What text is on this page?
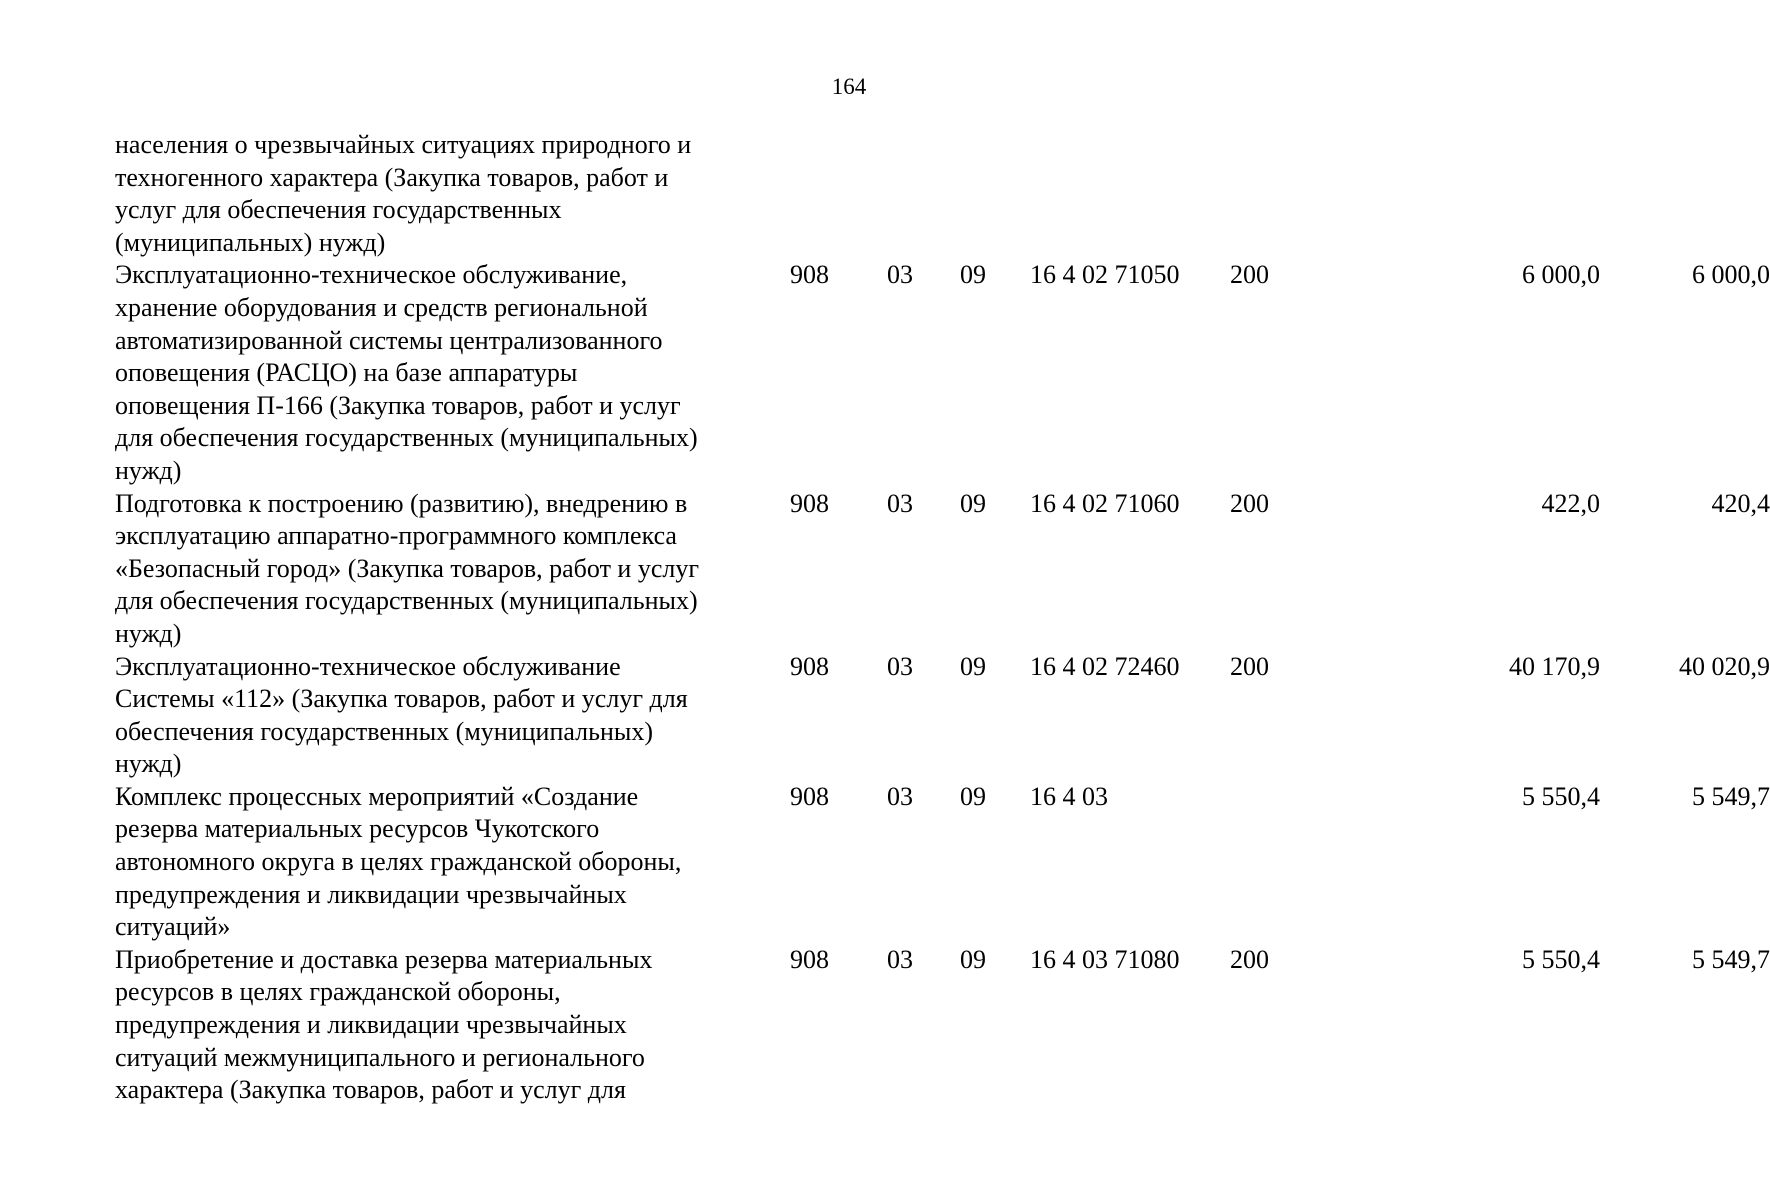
164
населения о чрезвычайных ситуациях природного и
техногенного характера (Закупка товаров, работ и
услуг для обеспечения государственных
(муниципальных) нужд)
Эксплуатационно-техническое обслуживание,
хранение оборудования и средств региональной
автоматизированной системы централизованного
оповещения (РАСЦО) на базе аппаратуры
оповещения П-166 (Закупка товаров, работ и услуг
для обеспечения государственных (муниципальных)
нужд)
908 03 09 16 4 02 71050 200	6 000,0	6 000,0
Подготовка к построению (развитию), внедрению в
эксплуатацию аппаратно-программного комплекса
«Безопасный город» (Закупка товаров, работ и услуг
для обеспечения государственных (муниципальных)
нужд)
908 03 09 16 4 02 71060 200	422,0	420,4
Эксплуатационно-техническое обслуживание
Системы «112» (Закупка товаров, работ и услуг для
обеспечения государственных (муниципальных)
нужд)
908 03 09 16 4 02 72460 200	40 170,9	40 020,9
Комплекс процессных мероприятий «Создание
резерва материальных ресурсов Чукотского
автономного округа в целях гражданской обороны,
предупреждения и ликвидации чрезвычайных
ситуаций»
908 03 09 16 4 03	5 550,4	5 549,7
Приобретение и доставка резерва материальных
ресурсов в целях гражданской обороны,
предупреждения и ликвидации чрезвычайных
ситуаций межмуниципального и регионального
характера (Закупка товаров, работ и услуг для
908 03 09 16 4 03 71080 200	5 550,4	5 549,7
